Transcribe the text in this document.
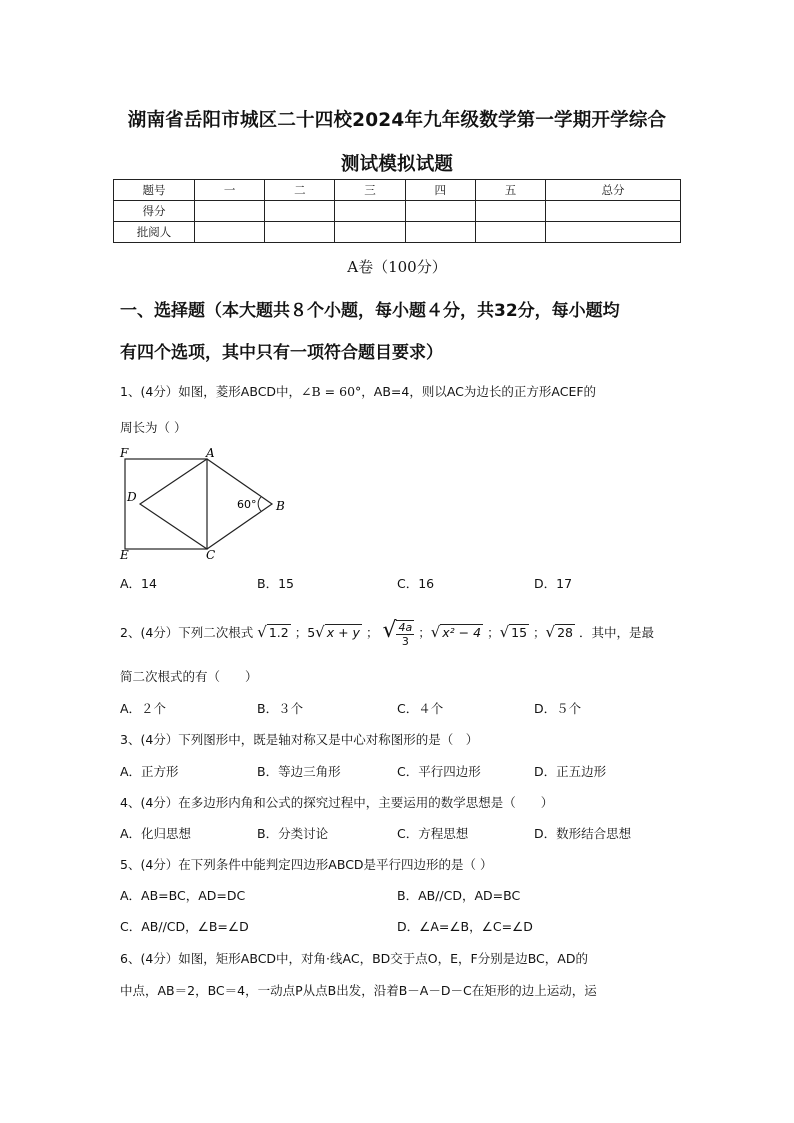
湖南省岳阳市城区二十四校2024年九年级数学第一学期开学综合
测试模拟试题
题号	一	二	三	四	五	总分
得分						
批阅人						
A卷（100分）
一、选择题（本大题共８个小题，每小题４分，共32分，每小题均
有四个选项，其中只有一项符合题目要求）
1、(4分）如图，菱形ABCD中，∠B = 60°，AB=4，则以AC为边长的正方形ACEF的
周长为（ ）
F	A
D
B
E	C
60°
A．14	B．15	C．16	D．17
2、(4分）下列二次根式 √ 1.2 ；5√ x + y ； √ $\frac{4a}{3}$ ；√ x² − 4 ；√ 15 ；√ 28 ．其中，是最
简二次根式的有（　　）
A．２个	B．３个	C．４个	D．５个
3、(4分）下列图形中，既是轴对称又是中心对称图形的是（　）
A．正方形	B．等边三角形	C．平行四边形	D．正五边形
4、(4分）在多边形内角和公式的探究过程中，主要运用的数学思想是（　　）
A．化归思想	B．分类讨论	C．方程思想	D．数形结合思想
5、(4分）在下列条件中能判定四边形ABCD是平行四边形的是（ ）
A．AB=BC，AD=DC	B．AB//CD，AD=BC
C．AB//CD，∠B=∠D	D．∠A=∠B，∠C=∠D
6、(4分）如图，矩形ABCD中，对角·线AC，BD交于点O，E，F分别是边BC，AD的
中点，AB＝2，BC＝4，一动点P从点B出发，沿着B－A－D－C在矩形的边上运动，运
